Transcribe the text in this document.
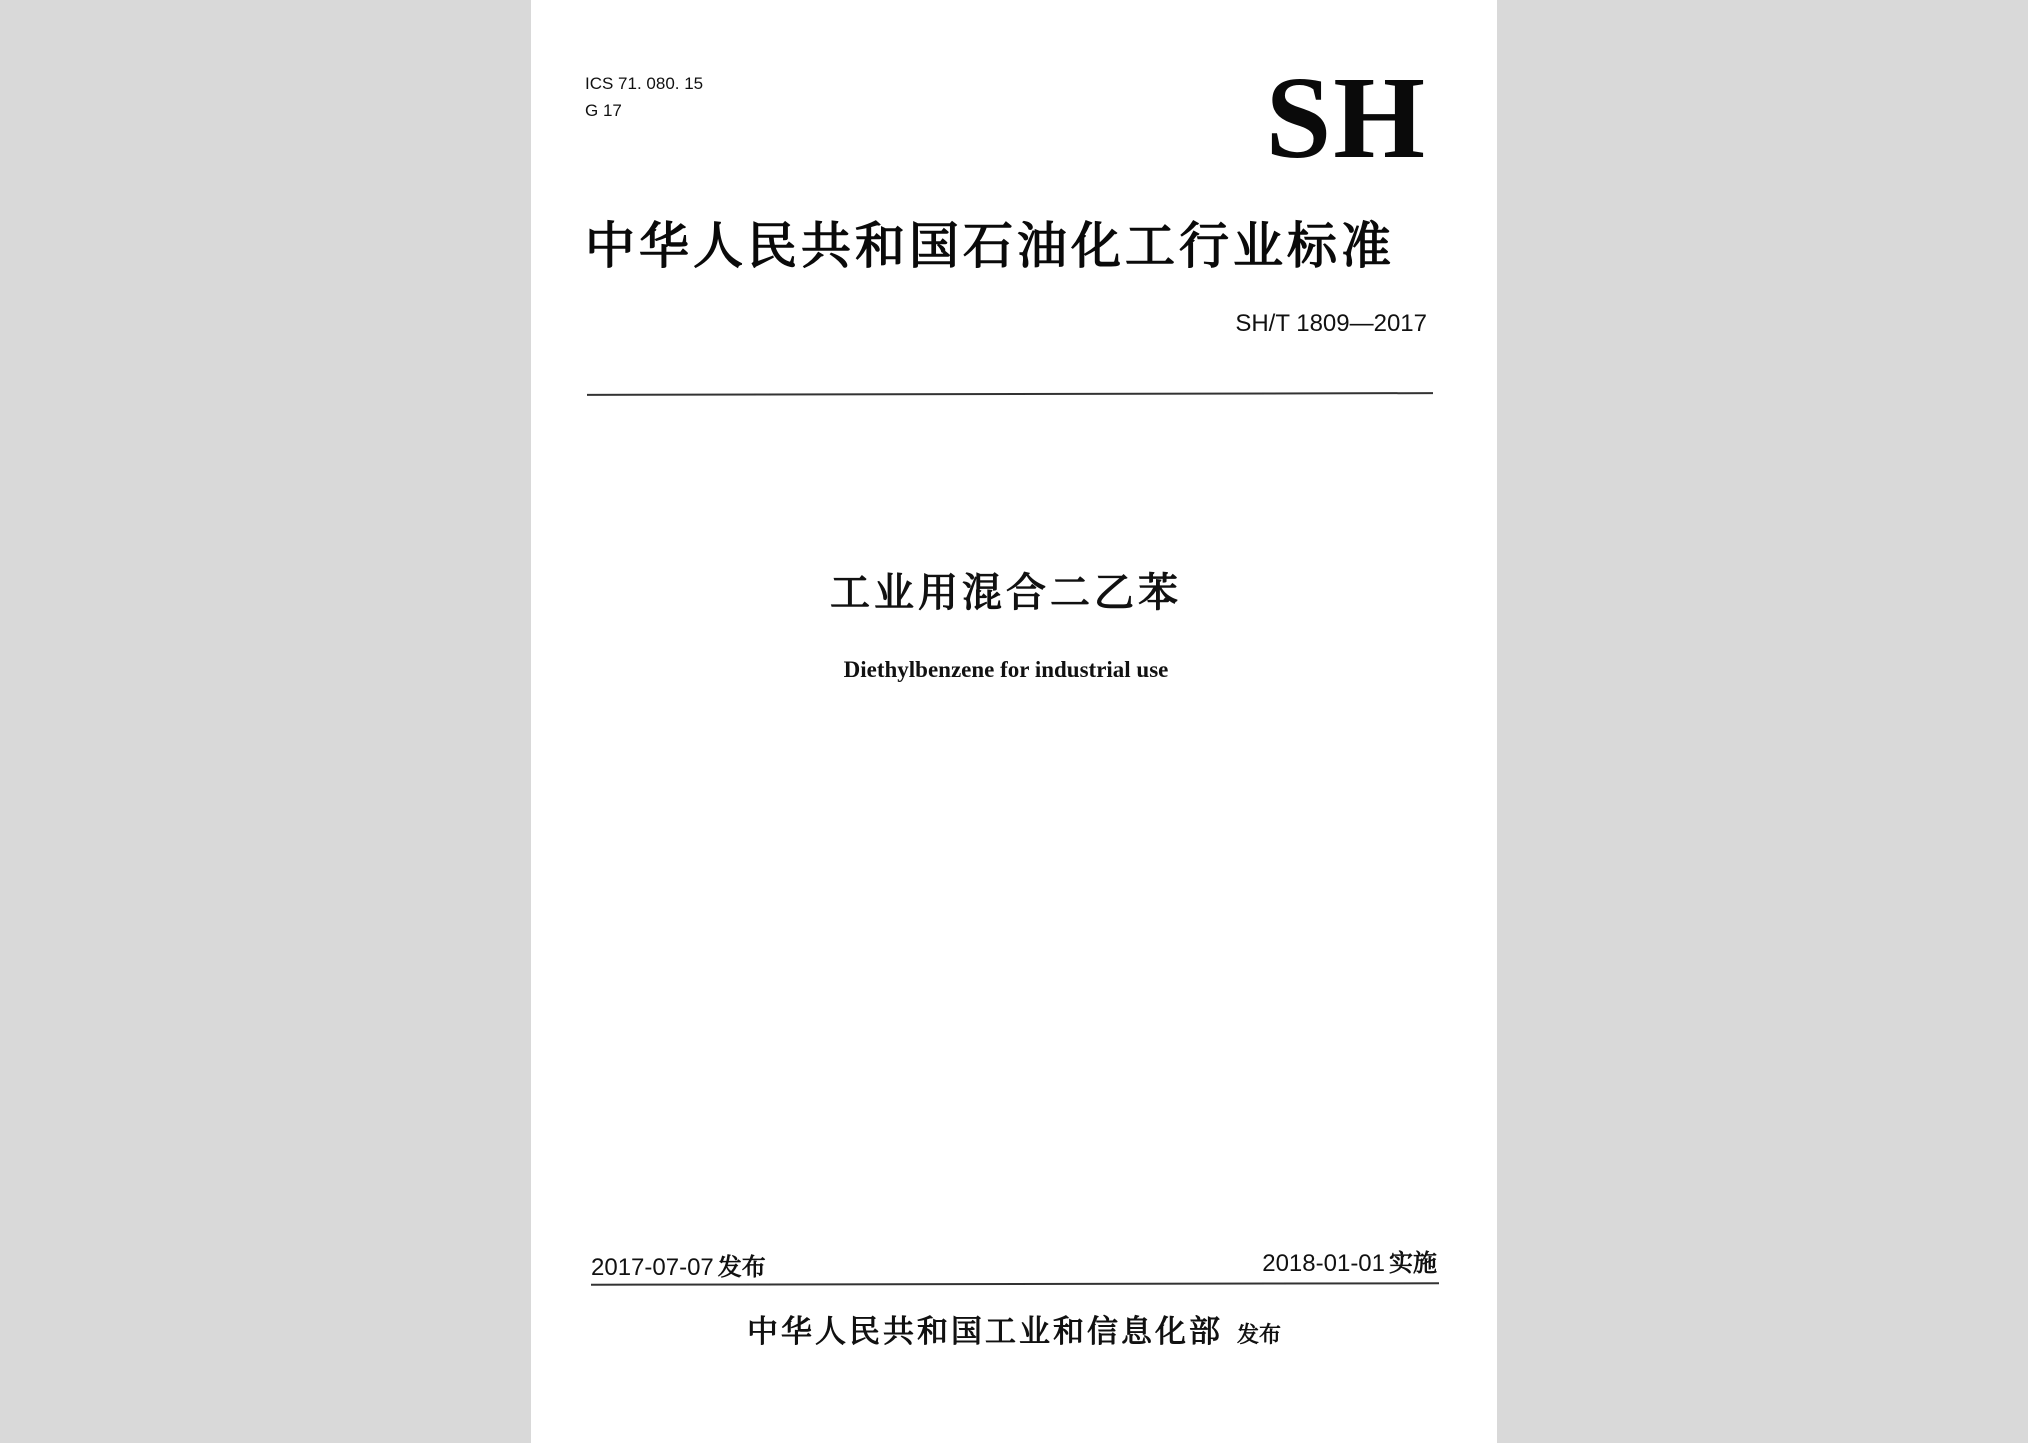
ICS 71. 080. 15
G 17	SH
中华人民共和国石油化工行业标准
SH/T 1809—2017
工业用混合二乙苯
Diethylbenzene for industrial use
2017-07-07 发布	2018-01-01 实施
中华人民共和国工业和信息化部 发布
